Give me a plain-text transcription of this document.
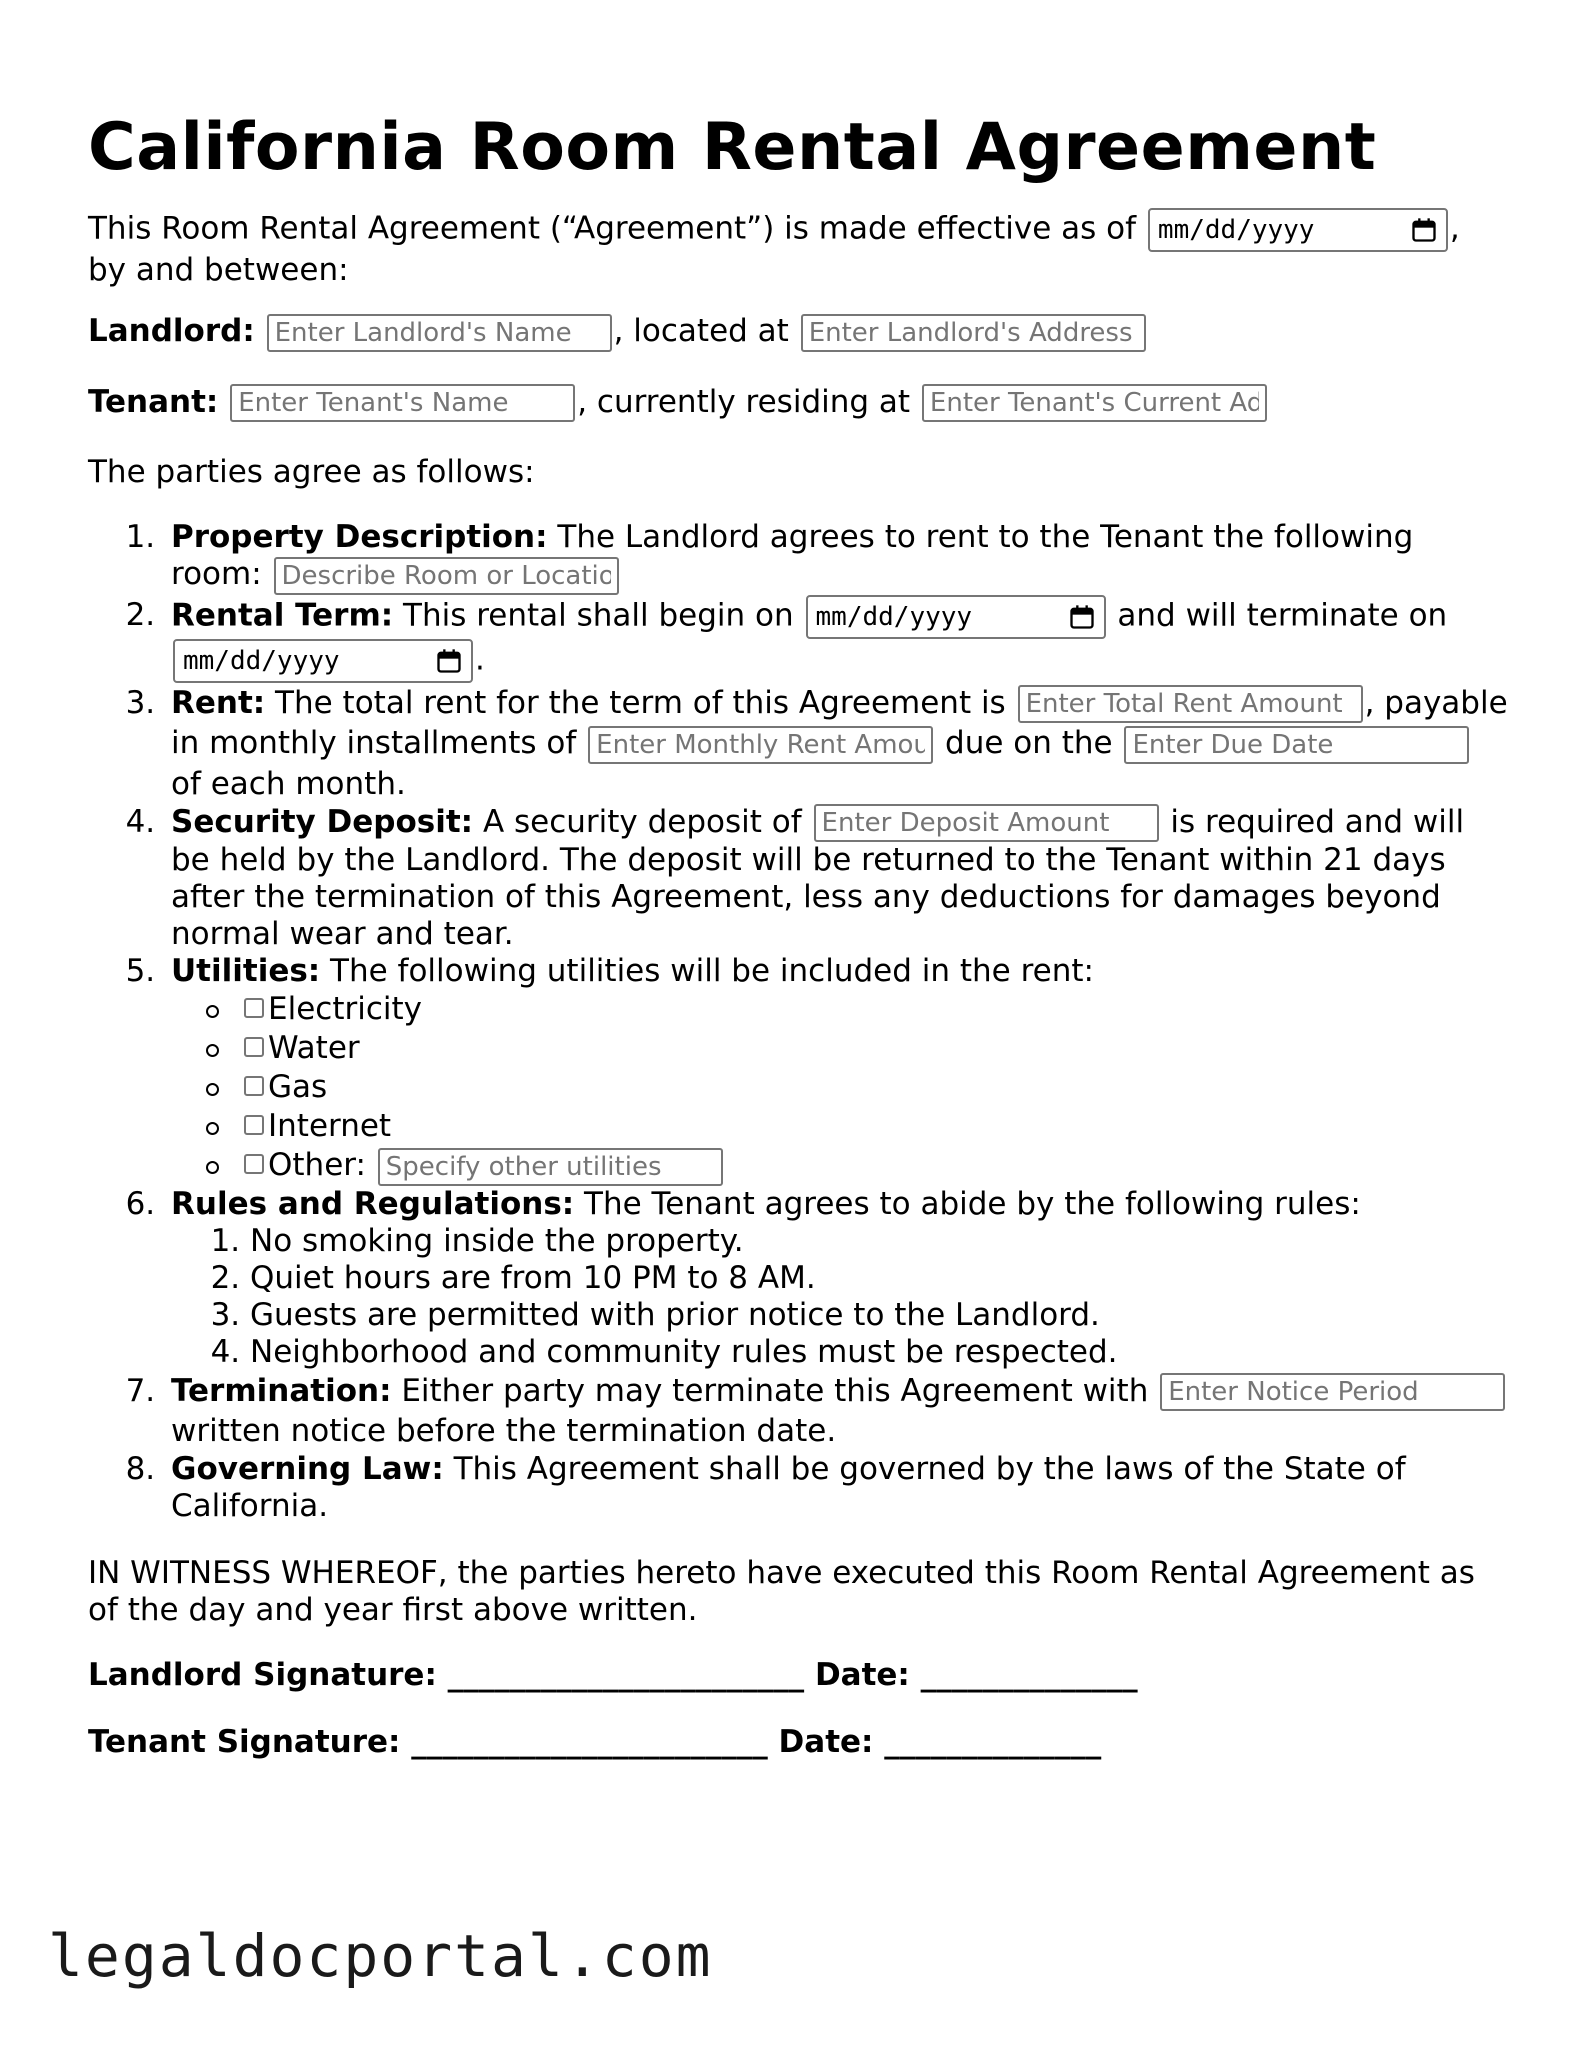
California Room Rental Agreement

This Room Rental Agreement (“Agreement”) is made effective as of mm/dd/yyyy	,
by and between:

Landlord: Enter Landlord's Name	, located at Enter Landlord's Address

Tenant: Enter Tenant's Name	, currently residing at Enter Tenant's Current Address

The parties agree as follows:

1. Property Description: The Landlord agrees to rent to the Tenant the following room: Describe Room or Location
2. Rental Term: This rental shall begin on mm/dd/yyyy	and will terminate on
mm/dd/yyyy	.
3. Rent: The total rent for the term of this Agreement is Enter Total Rent Amount	, payable in monthly installments of Enter Monthly Rent Amount	due on the Enter Due Date of each month.
4. Security Deposit: A security deposit of Enter Deposit Amount	is required and will be held by the Landlord. The deposit will be returned to the Tenant within 21 days after the termination of this Agreement, less any deductions for damages beyond normal wear and tear.
5. Utilities: The following utilities will be included in the rent:
Electricity
Water
Gas
Internet
Other: Specify other utilities
6. Rules and Regulations: The Tenant agrees to abide by the following rules:
1. No smoking inside the property.
2. Quiet hours are from 10 PM to 8 AM.
3. Guests are permitted with prior notice to the Landlord.
4. Neighborhood and community rules must be respected.
7. Termination: Either party may terminate this Agreement with Enter Notice Period written notice before the termination date.
8. Governing Law: This Agreement shall be governed by the laws of the State of California.

IN WITNESS WHEREOF, the parties hereto have executed this Room Rental Agreement as of the day and year first above written.

Landlord Signature: _______________________ Date: ______________

Tenant Signature: _______________________ Date: ______________

legaldocportal.com
